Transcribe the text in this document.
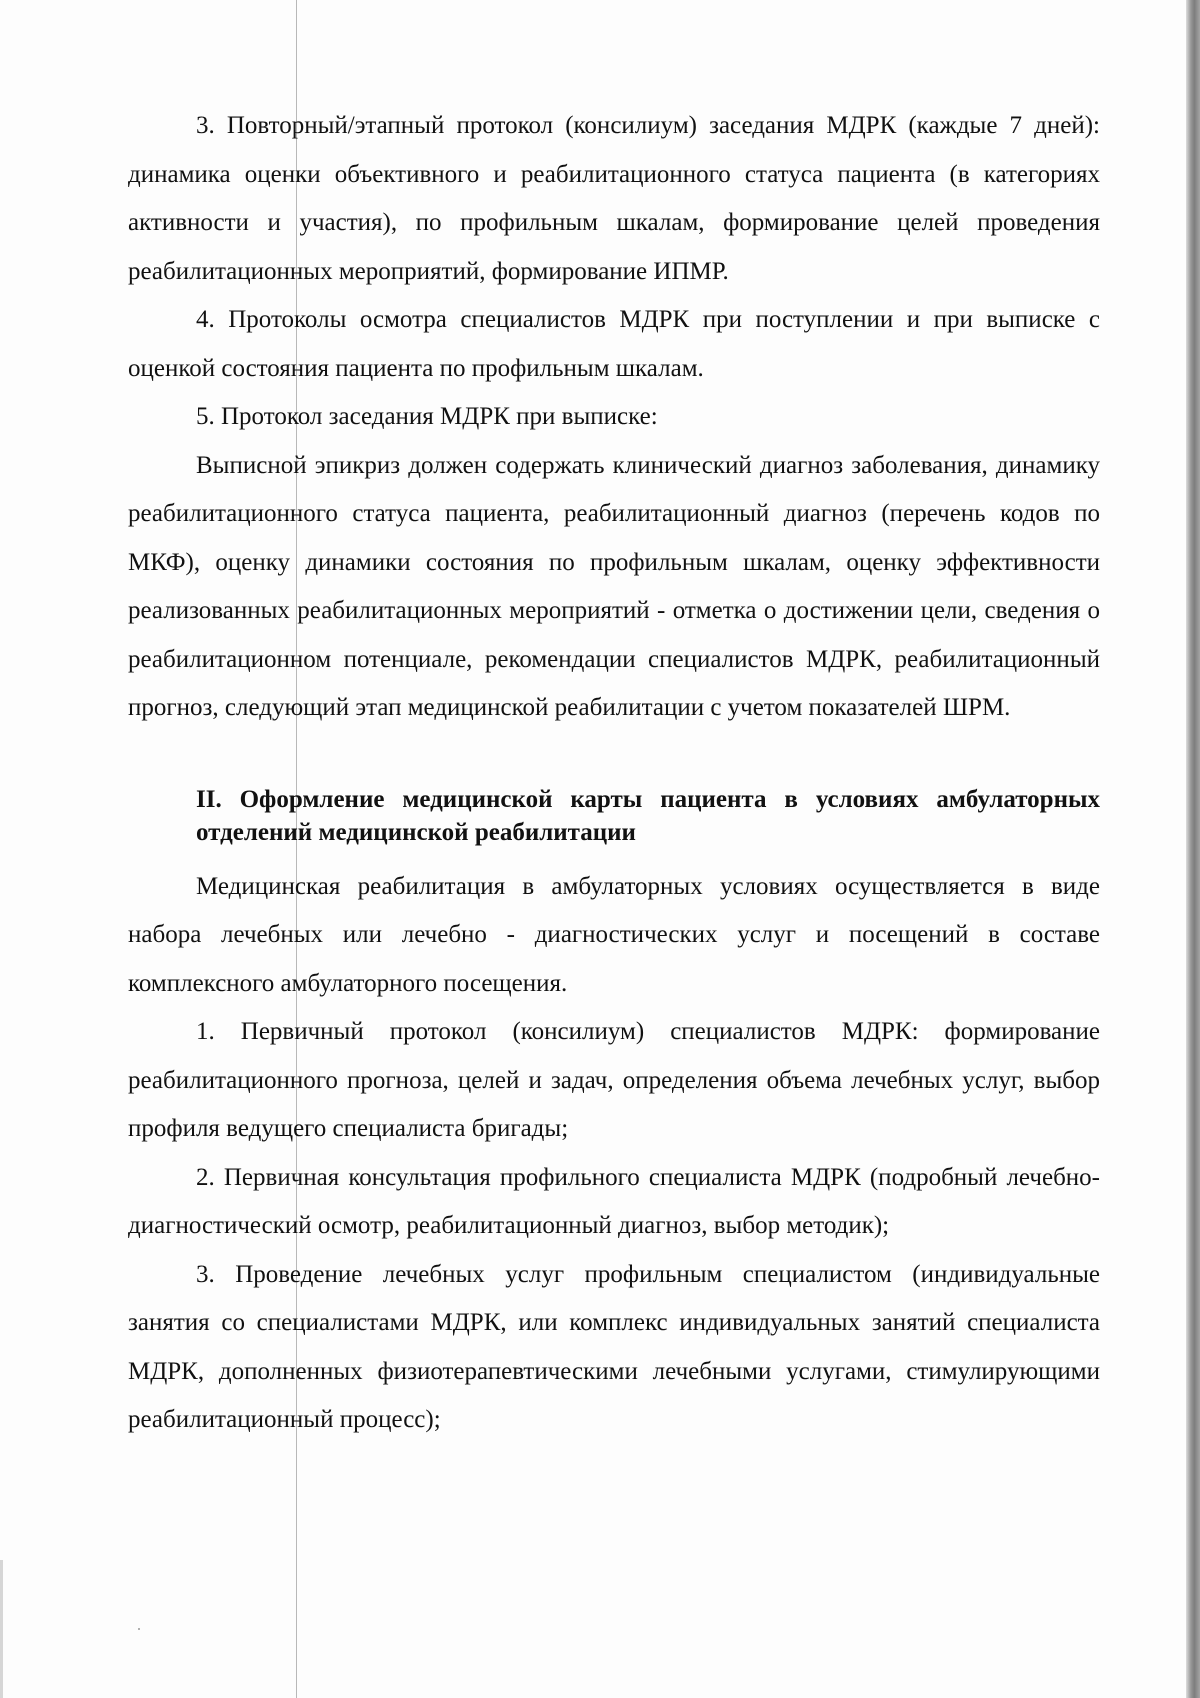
3. Повторный/этапный протокол (консилиум) заседания МДРК (каждые 7 дней): динамика оценки объективного и реабилитационного статуса пациента (в категориях активности и участия), по профильным шкалам, формирование целей проведения реабилитационных мероприятий, формирование ИПМР.

4. Протоколы осмотра специалистов МДРК при поступлении и при выписке с оценкой состояния пациента по профильным шкалам.

5. Протокол заседания МДРК при выписке:

Выписной эпикриз должен содержать клинический диагноз заболевания, динамику реабилитационного статуса пациента, реабилитационный диагноз (перечень кодов по МКФ), оценку динамики состояния по профильным шкалам, оценку эффективности реализованных реабилитационных мероприятий - отметка о достижении цели, сведения о реабилитационном потенциале, рекомендации специалистов МДРК, реабилитационный прогноз, следующий этап медицинской реабилитации с учетом показателей ШРМ.

II. Оформление медицинской карты пациента в условиях амбулаторных отделений медицинской реабилитации

Медицинская реабилитация в амбулаторных условиях осуществляется в виде набора лечебных или лечебно - диагностических услуг и посещений в составе комплексного амбулаторного посещения.

1. Первичный протокол (консилиум) специалистов МДРК: формирование реабилитационного прогноза, целей и задач, определения объема лечебных услуг, выбор профиля ведущего специалиста бригады;

2. Первичная консультация профильного специалиста МДРК (подробный лечебно-диагностический осмотр, реабилитационный диагноз, выбор методик);

3. Проведение лечебных услуг профильным специалистом (индивидуальные занятия со специалистами МДРК, или комплекс индивидуальных занятий специалиста МДРК, дополненных физиотерапевтическими лечебными услугами, стимулирующими реабилитационный процесс);
